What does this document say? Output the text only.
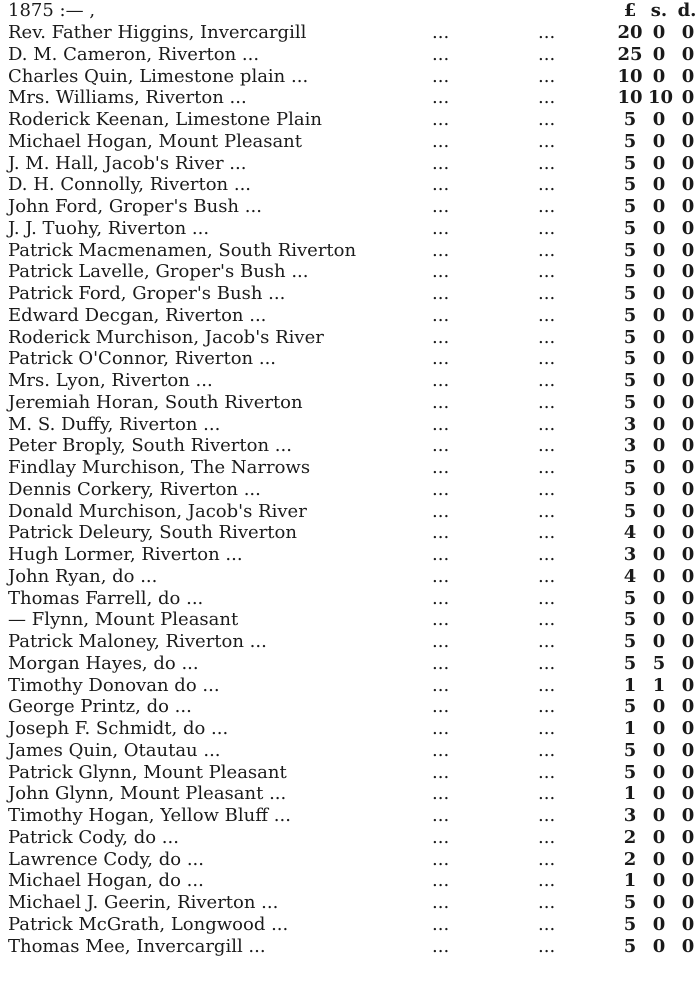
1875 :— ,	£ s. d.
Rev. Father Higgins, Invercargill	...	...	20 0 0
D. M. Cameron, Riverton ...	...	...	25 0 0
Charles Quin, Limestone plain ...	...	...	10 0 0
Mrs. Williams, Riverton ...	...	...	10 10 0
Roderick Keenan, Limestone Plain	...	...	5 0 0
Michael Hogan, Mount Pleasant	...	...	5 0 0
J. M. Hall, Jacob's River ...	...	...	5 0 0
D. H. Connolly, Riverton ...	...	...	5 0 0
John Ford, Groper's Bush ...	...	...	5 0 0
J. J. Tuohy, Riverton ...	...	...	5 0 0
Patrick Macmenamen, South Riverton	...	...	5 0 0
Patrick Lavelle, Groper's Bush ...	...	...	5 0 0
Patrick Ford, Groper's Bush ...	...	...	5 0 0
Edward Decgan, Riverton ...	...	...	5 0 0
Roderick Murchison, Jacob's River	...	...	5 0 0
Patrick O'Connor, Riverton ...	...	...	5 0 0
Mrs. Lyon, Riverton ...	...	...	5 0 0
Jeremiah Horan, South Riverton	...	...	5 0 0
M. S. Duffy, Riverton ...	...	...	3 0 0
Peter Broply, South Riverton ...	...	...	3 0 0
Findlay Murchison, The Narrows	...	...	5 0 0
Dennis Corkery, Riverton ...	...	...	5 0 0
Donald Murchison, Jacob's River	...	...	5 0 0
Patrick Deleury, South Riverton	...	...	4 0 0
Hugh Lormer, Riverton ...	...	...	3 0 0
John Ryan, do ...	...	...	4 0 0
Thomas Farrell, do ...	...	...	5 0 0
— Flynn, Mount Pleasant	...	...	5 0 0
Patrick Maloney, Riverton ...	...	...	5 0 0
Morgan Hayes, do ...	...	...	5 5 0
Timothy Donovan do ...	...	...	1 1 0
George Printz, do ...	...	...	5 0 0
Joseph F. Schmidt, do ...	...	...	1 0 0
James Quin, Otautau ...	...	...	5 0 0
Patrick Glynn, Mount Pleasant	...	...	5 0 0
John Glynn, Mount Pleasant ...	...	...	1 0 0
Timothy Hogan, Yellow Bluff ...	...	...	3 0 0
Patrick Cody, do ...	...	...	2 0 0
Lawrence Cody, do ...	...	...	2 0 0
Michael Hogan, do ...	...	...	1 0 0
Michael J. Geerin, Riverton ...	...	...	5 0 0
Patrick McGrath, Longwood ...	...	...	5 0 0
Thomas Mee, Invercargill ...	...	...	5 0 0
